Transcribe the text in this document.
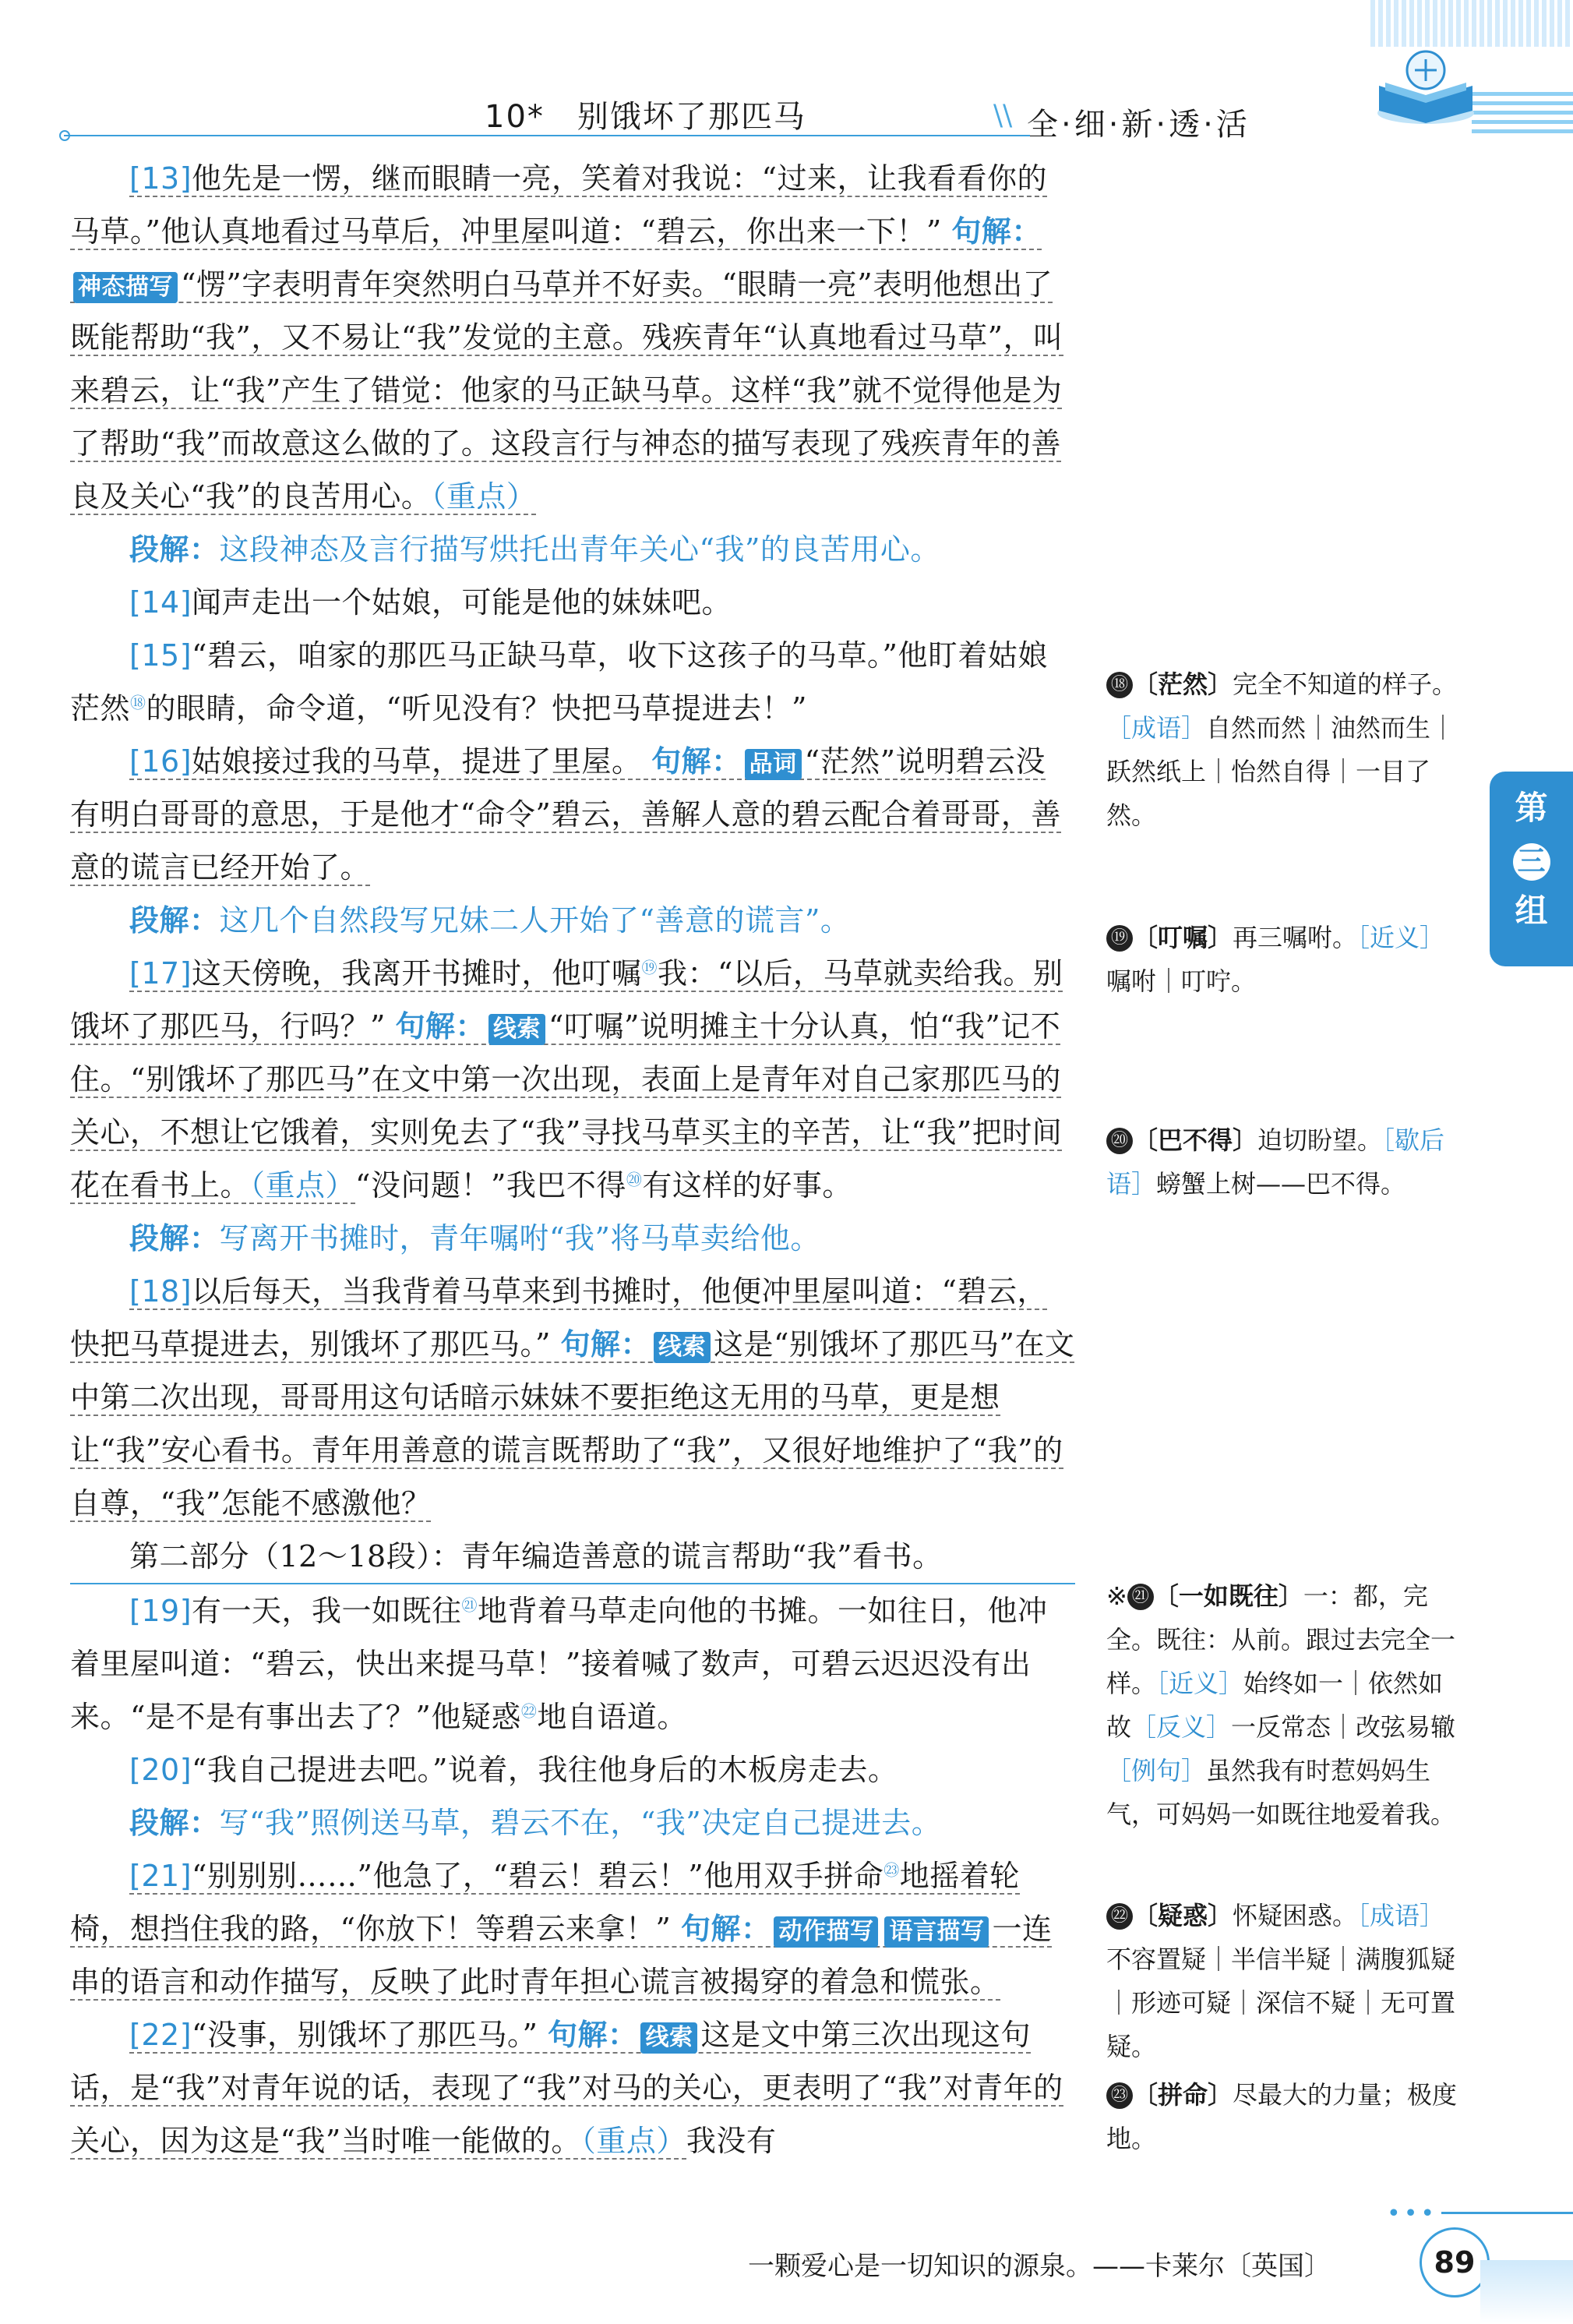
10*　别饿坏了那匹马	\\ 全·细·新·透·活

[ 13 ] 他先是一愣，继而眼睛一亮，笑着对我说：“过来，让我看看你的马草。”他认真地看过马草后，冲里屋叫道：“碧云，你出来一下！” 句解：神态描写 “愣”字表明青年突然明白马草并不好卖。“眼睛一亮”表明他想出了既能帮助“我”，又不易让“我”发觉的主意。残疾青年“认真地看过马草”，叫来碧云，让“我”产生了错觉：他家的马正缺马草。这样“我”就不觉得他是为了帮助“我”而故意这么做的了。这段言行与神态的描写表现了残疾青年的善良及关心“我”的良苦用心。（重点）

段解：这段神态及言行描写烘托出青年关心“我”的良苦用心。

[ 14 ] 闻声走出一个姑娘，可能是他的妹妹吧。

[ 15 ] “碧云，咱家的那匹马正缺马草，收下这孩子的马草。”他盯着姑娘茫然⑱的眼睛，命令道，“听见没有？快把马草提进去！”

[ 16 ] 姑娘接过我的马草，提进了里屋。 句解： 品词 “茫然”说明碧云没有明白哥哥的意思，于是他才“命令”碧云，善解人意的碧云配合着哥哥，善意的谎言已经开始了。

段解：这几个自然段写兄妹二人开始了“善意的谎言”。

[ 17 ] 这天傍晚，我离开书摊时，他叮嘱⑲我：“以后，马草就卖给我。别饿坏了那匹马，行吗？” 句解： 线索 “叮嘱”说明摊主十分认真，怕“我”记不住。“别饿坏了那匹马”在文中第一次出现，表面上是青年对自己家那匹马的关心，不想让它饿着，实则免去了“我”寻找马草买主的辛苦，让“我”把时间花在看书上。（重点）“没问题！”我巴不得⑳有这样的好事。

段解：写离开书摊时，青年嘱咐“我”将马草卖给他。

[ 18 ] 以后每天，当我背着马草来到书摊时，他便冲里屋叫道：“碧云，快把马草提进去，别饿坏了那匹马。” 句解： 线索 这是“别饿坏了那匹马”在文中第二次出现，哥哥用这句话暗示妹妹不要拒绝这无用的马草，更是想让“我”安心看书。青年用善意的谎言既帮助了“我”，又很好地维护了“我”的自尊，“我”怎能不感激他？

第二部分（12～18段）：青年编造善意的谎言帮助“我”看书。

[ 19 ] 有一天，我一如既往$^㉑$地背着马草走向他的书摊。一如往日，他冲着里屋叫道：“碧云，快出来提马草！”接着喊了数声，可碧云迟迟没有出来。“是不是有事出去了？”他疑惑$^㉒$地自语道。

[ 20 ] “我自己提进去吧。”说着，我往他身后的木板房走去。

段解：写“我”照例送马草，碧云不在，“我”决定自己提进去。

[ 21 ] “别别别……”他急了，“碧云！碧云！”他用双手拼命$^㉓$地摇着轮椅，想挡住我的路，“你放下！等碧云来拿！” 句解： 动作描写 语言描写 一连串的语言和动作描写，反映了此时青年担心谎言被揭穿的着急和慌张。

[ 22 ] “没事，别饿坏了那匹马。” 句解： 线索 这是文中第三次出现这句话，是“我”对青年说的话，表现了“我”对马的关心，更表明了“我”对青年的关心，因为这是“我”当时唯一能做的。（重点）我没有

⑱ 〔茫然〕完全不知道的样子。［成语］自然而然｜油然而生｜跃然纸上｜怡然自得｜一目了然。
⑲ 〔叮嘱〕再三嘱咐。［近义］嘱咐｜叮咛。
⑳ 〔巴不得〕迫切盼望。［歇后语］螃蟹上树——巴不得。
※ ㉑ 〔一如既往〕一：都，完全。既往：从前。跟过去完全一样。［近义］始终如一｜依然如故［反义］一反常态｜改弦易辙［例句］虽然我有时惹妈妈生气，可妈妈一如既往地爱着我。
㉒ 〔疑惑〕怀疑困惑。［成语］不容置疑｜半信半疑｜满腹狐疑｜形迹可疑｜深信不疑｜无可置疑。
㉓ 〔拼命〕尽最大的力量；极度地。
第
三
组
•••
一颗爱心是一切知识的源泉。——卡莱尔〔英国〕	89
